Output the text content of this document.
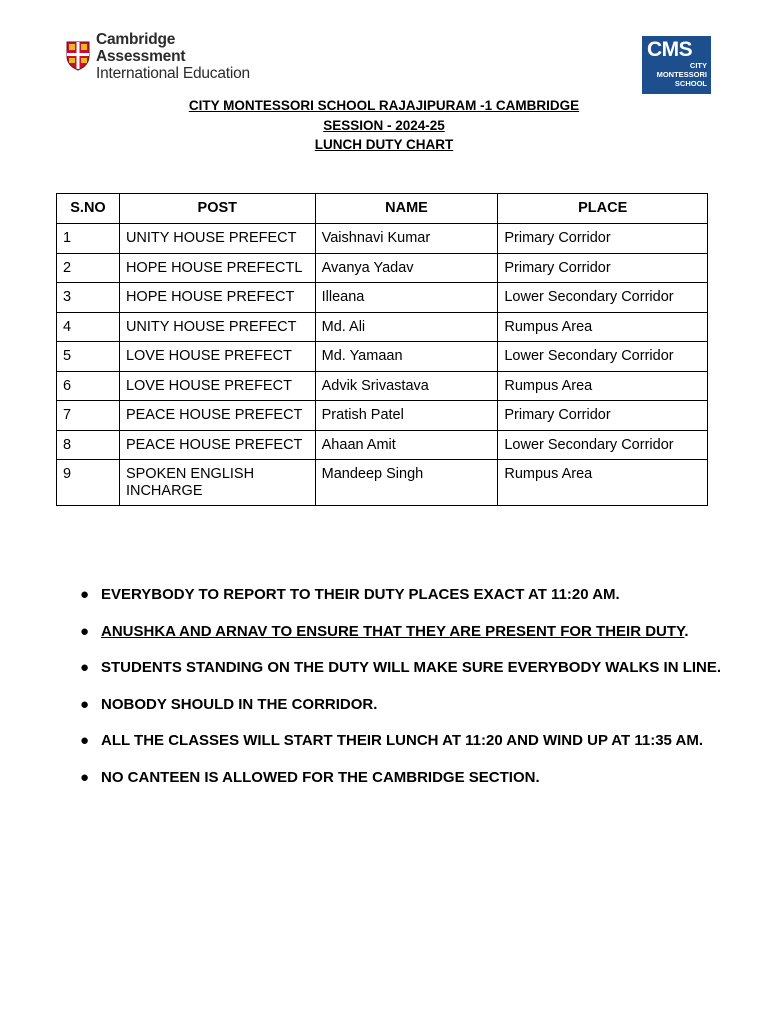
Cambridge Assessment
International Education
CMS
CITY
MONTESSORI
SCHOOL
CITY MONTESSORI SCHOOL RAJAJIPURAM -1 CAMBRIDGE
SESSION - 2024-25
LUNCH DUTY CHART
S.NO	POST	NAME	PLACE
1	UNITY HOUSE PREFECT	Vaishnavi Kumar	Primary Corridor
2	HOPE HOUSE PREFECTL	Avanya Yadav	Primary Corridor
3	HOPE HOUSE PREFECT	Illeana	Lower Secondary Corridor
4	UNITY HOUSE PREFECT	Md. Ali	Rumpus Area
5	LOVE HOUSE PREFECT	Md. Yamaan	Lower Secondary Corridor
6	LOVE HOUSE PREFECT	Advik Srivastava	Rumpus Area
7	PEACE HOUSE PREFECT	Pratish Patel	Primary Corridor
8	PEACE HOUSE PREFECT	Ahaan Amit	Lower Secondary Corridor
9	SPOKEN ENGLISH INCHARGE	Mandeep Singh	Rumpus Area
● EVERYBODY TO REPORT TO THEIR DUTY PLACES EXACT AT 11:20 AM.
● ANUSHKA AND ARNAV TO ENSURE THAT THEY ARE PRESENT FOR THEIR DUTY.
● STUDENTS STANDING ON THE DUTY WILL MAKE SURE EVERYBODY WALKS IN LINE.
● NOBODY SHOULD IN THE CORRIDOR.
● ALL THE CLASSES WILL START THEIR LUNCH AT 11:20 AND WIND UP AT 11:35 AM.
● NO CANTEEN IS ALLOWED FOR THE CAMBRIDGE SECTION.
